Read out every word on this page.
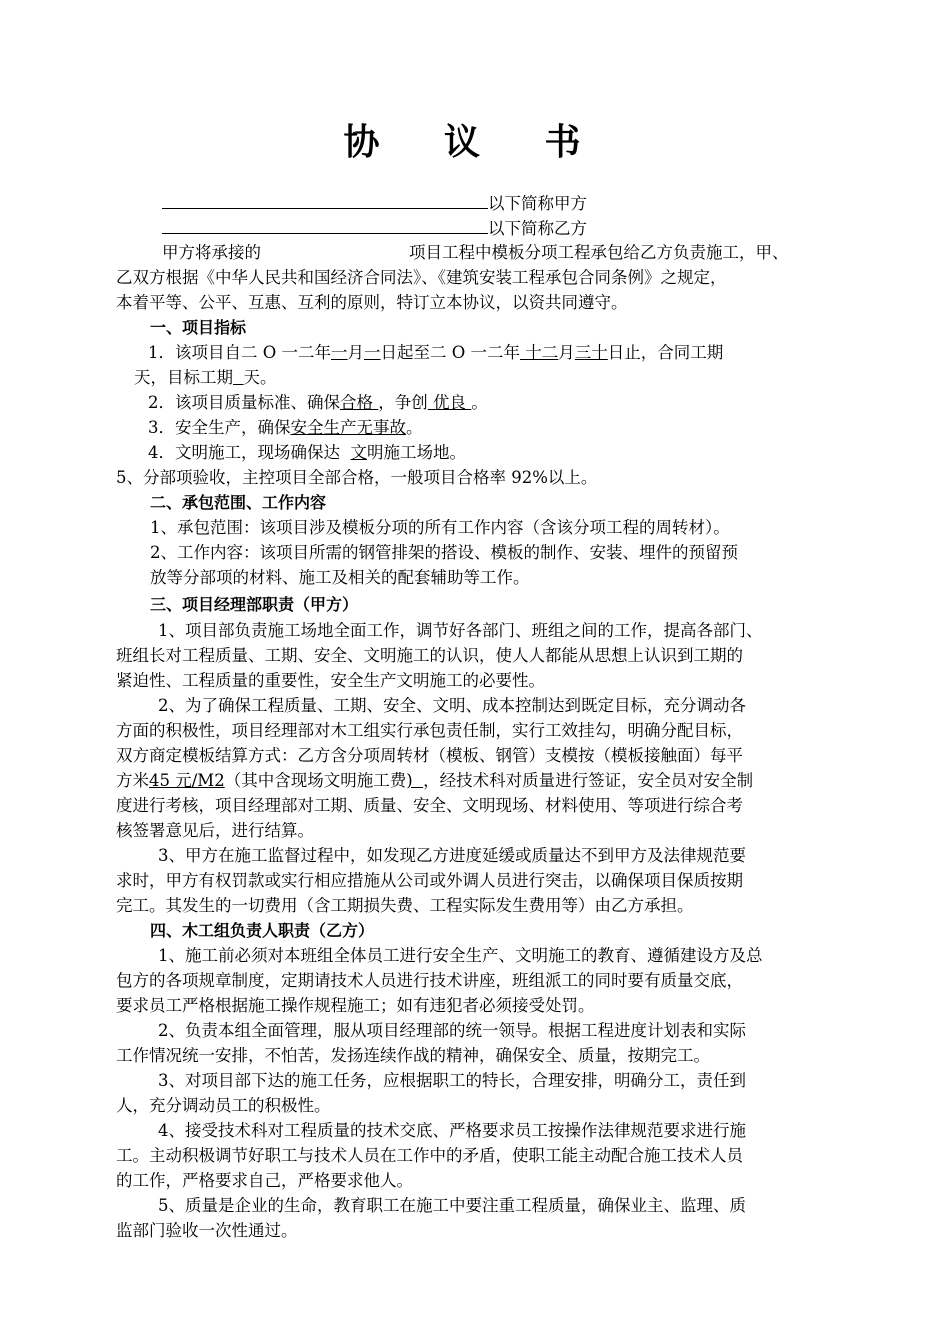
协 议 书
以下简称甲方
以下简称乙方
甲方将承接的	项目工程中模板分项工程承包给乙方负责施工，甲、
乙双方根据《中华人民共和国经济合同法》、《建筑安装工程承包合同条例》之规定，
本着平等、公平、互惠、互利的原则，特订立本协议，以资共同遵守。
一、项目指标
1．该项目自二 O 一二年一月一日起至二 O 一二年 十二月三十日止，合同工期
天，目标工期 天。
2．该项目质量标准、确保合格 ，争创 优良 。
3．安全生产，确保安全生产无事故。
4．文明施工，现场确保达  文明施工场地。
5、分部项验收，主控项目全部合格，一般项目合格率 92%以上。
二、承包范围、工作内容
1、承包范围：该项目涉及模板分项的所有工作内容（含该分项工程的周转材）。
2、工作内容：该项目所需的钢管排架的搭设、模板的制作、安装、埋件的预留预
放等分部项的材料、施工及相关的配套辅助等工作。
三、项目经理部职责（甲方）
1、项目部负责施工场地全面工作，调节好各部门、班组之间的工作，提高各部门、
班组长对工程质量、工期、安全、文明施工的认识，使人人都能从思想上认识到工期的
紧迫性、工程质量的重要性，安全生产文明施工的必要性。
2、为了确保工程质量、工期、安全、文明、成本控制达到既定目标，充分调动各
方面的积极性，项目经理部对木工组实行承包责任制，实行工效挂勾，明确分配目标，
双方商定模板结算方式：乙方含分项周转材（模板、钢管）支模按（模板接触面）每平
方米45 元/M2（其中含现场文明施工费)  ，经技术科对质量进行签证，安全员对安全制
度进行考核，项目经理部对工期、质量、安全、文明现场、材料使用、等项进行综合考
核签署意见后，进行结算。
3、甲方在施工监督过程中，如发现乙方进度延缓或质量达不到甲方及法律规范要
求时，甲方有权罚款或实行相应措施从公司或外调人员进行突击，以确保项目保质按期
完工。其发生的一切费用（含工期损失费、工程实际发生费用等）由乙方承担。
四、木工组负责人职责（乙方）
1、施工前必须对本班组全体员工进行安全生产、文明施工的教育、遵循建设方及总
包方的各项规章制度，定期请技术人员进行技术讲座，班组派工的同时要有质量交底，
要求员工严格根据施工操作规程施工；如有违犯者必须接受处罚。
2、负责本组全面管理，服从项目经理部的统一领导。根据工程进度计划表和实际
工作情况统一安排，不怕苦，发扬连续作战的精神，确保安全、质量，按期完工。
3、对项目部下达的施工任务，应根据职工的特长，合理安排，明确分工，责任到
人，充分调动员工的积极性。
4、接受技术科对工程质量的技术交底、严格要求员工按操作法律规范要求进行施
工。主动积极调节好职工与技术人员在工作中的矛盾，使职工能主动配合施工技术人员
的工作，严格要求自己，严格要求他人。
5、质量是企业的生命，教育职工在施工中要注重工程质量，确保业主、监理、质
监部门验收一次性通过。
